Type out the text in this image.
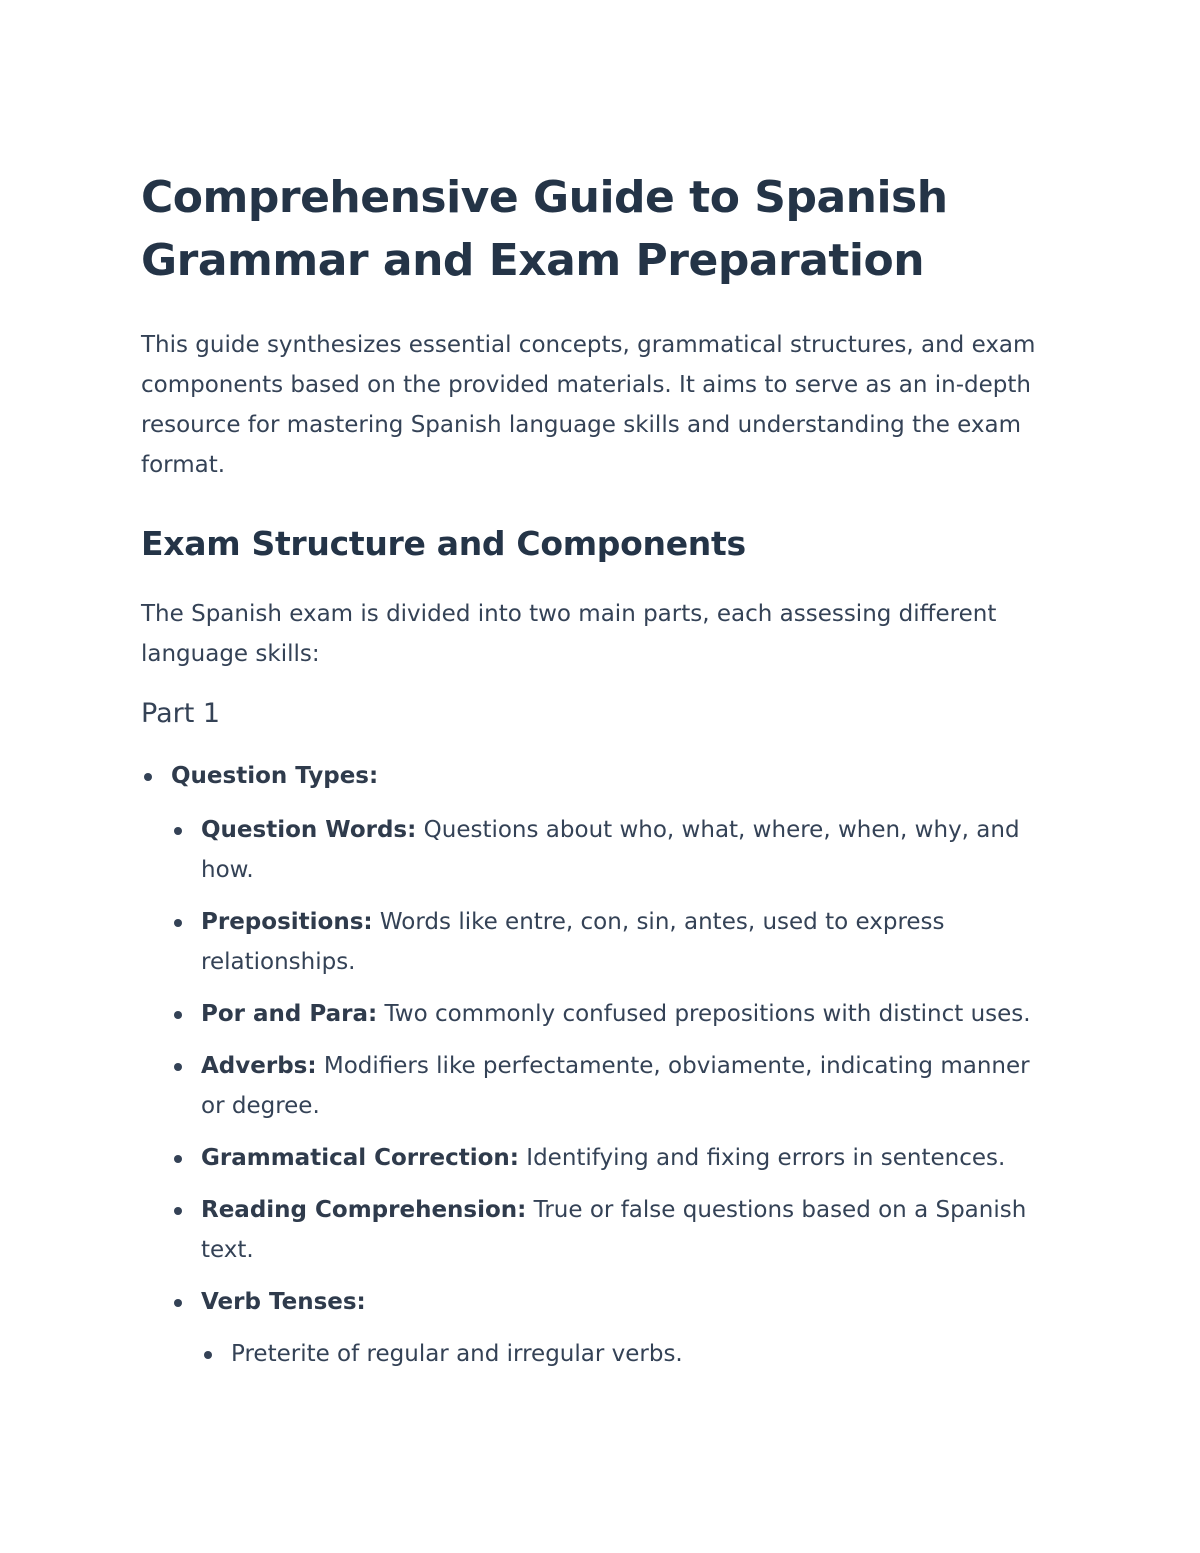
Comprehensive Guide to Spanish Grammar and Exam Preparation

This guide synthesizes essential concepts, grammatical structures, and exam components based on the provided materials. It aims to serve as an in-depth resource for mastering Spanish language skills and understanding the exam format.

Exam Structure and Components

The Spanish exam is divided into two main parts, each assessing different language skills:

Part 1
Question Types:
Question Words: Questions about who, what, where, when, why, and how.
Prepositions: Words like entre, con, sin, antes, used to express relationships.
Por and Para: Two commonly confused prepositions with distinct uses.
Adverbs: Modifiers like perfectamente, obviamente, indicating manner or degree.
Grammatical Correction: Identifying and fixing errors in sentences.
Reading Comprehension: True or false questions based on a Spanish text.
Verb Tenses:
Preterite of regular and irregular verbs.
